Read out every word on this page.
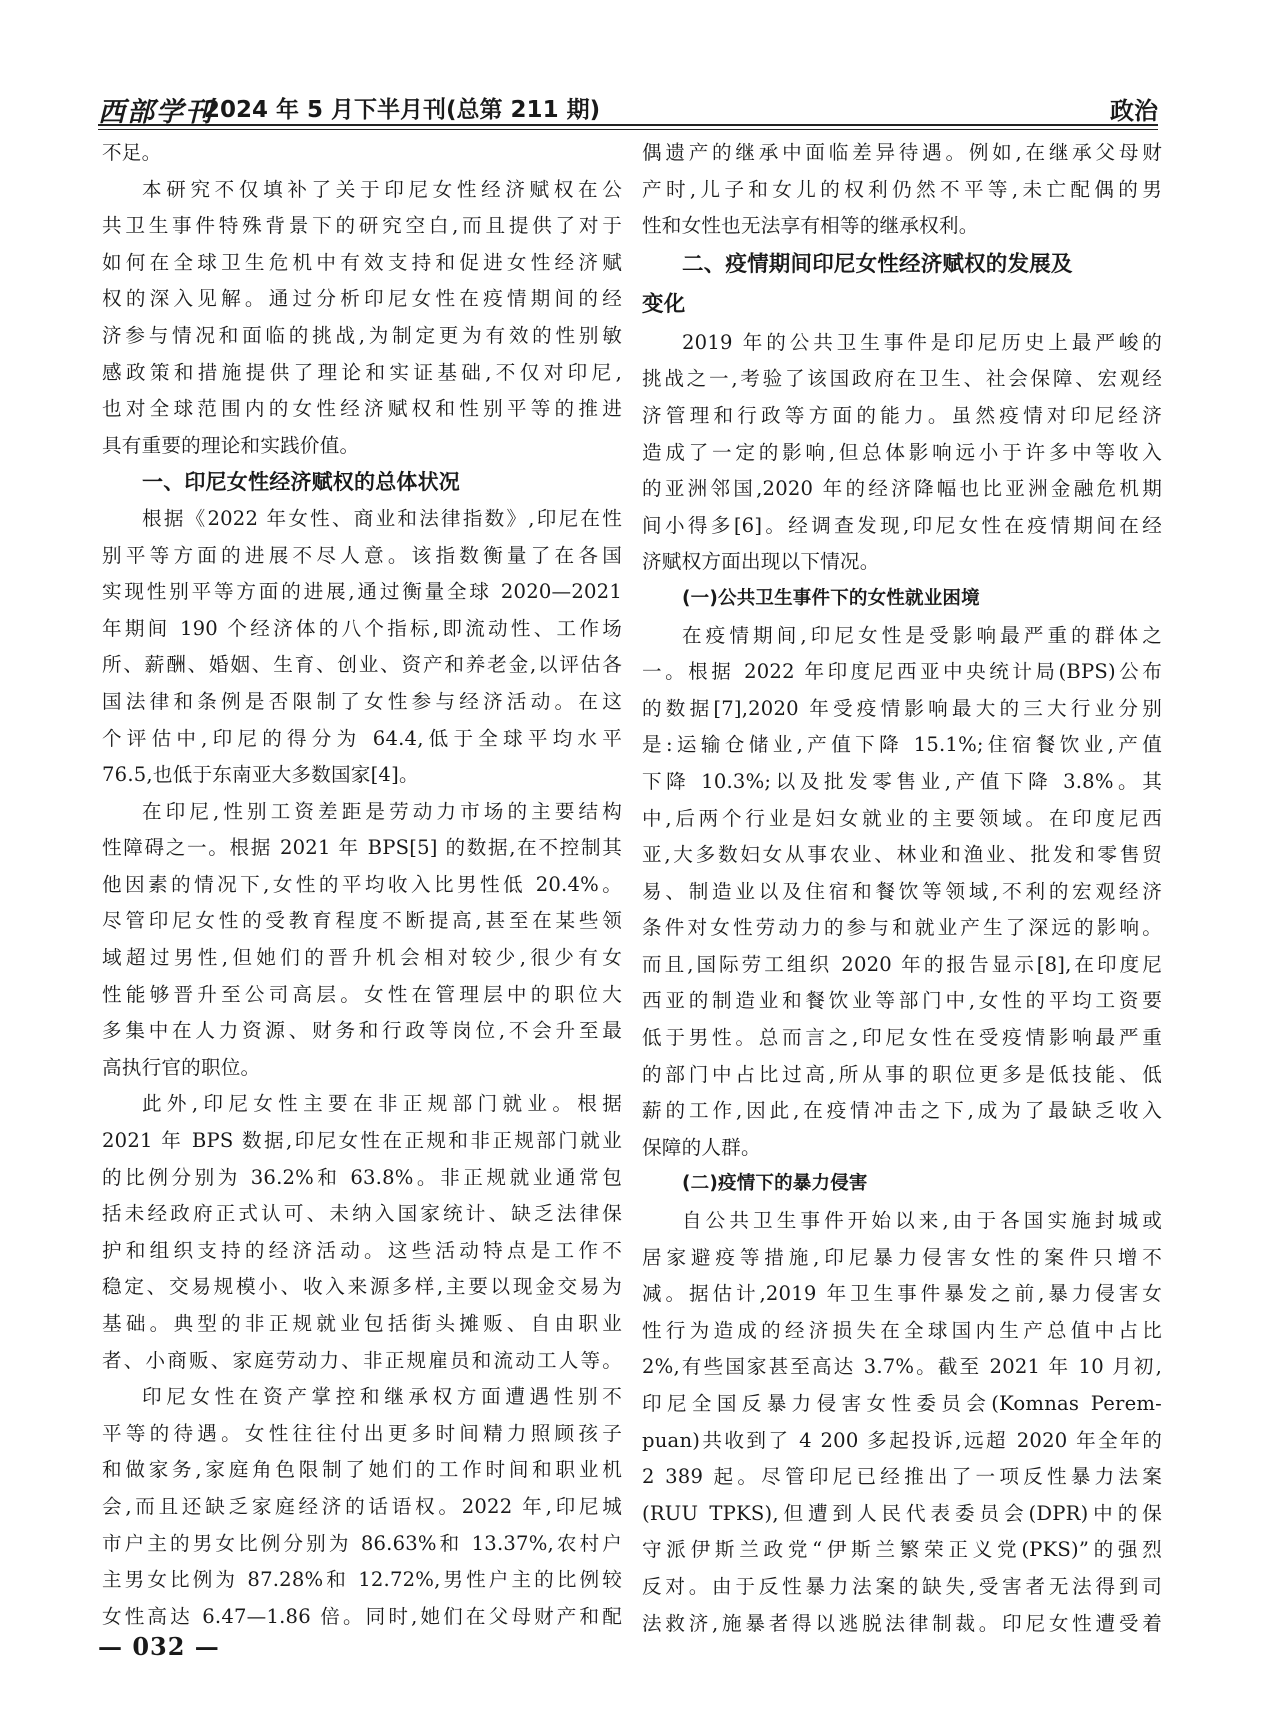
西部学刊
2024 年 5 月下半月刊(总第 211 期)	政治
不足。
本研究不仅填补了关于印尼女性经济赋权在公
共卫生事件特殊背景下的研究空白,而且提供了对于
如何在全球卫生危机中有效支持和促进女性经济赋
权的深入见解。通过分析印尼女性在疫情期间的经
济参与情况和面临的挑战,为制定更为有效的性别敏
感政策和措施提供了理论和实证基础,不仅对印尼,
也对全球范围内的女性经济赋权和性别平等的推进
具有重要的理论和实践价值。
一、印尼女性经济赋权的总体状况
根据《2022 年女性、商业和法律指数》,印尼在性
别平等方面的进展不尽人意。该指数衡量了在各国
实现性别平等方面的进展,通过衡量全球 2020—2021
年期间 190 个经济体的八个指标,即流动性、工作场
所、薪酬、婚姻、生育、创业、资产和养老金,以评估各
国法律和条例是否限制了女性参与经济活动。在这
个评估中,印尼的得分为 64.4,低于全球平均水平
76.5,也低于东南亚大多数国家[4]。
在印尼,性别工资差距是劳动力市场的主要结构
性障碍之一。根据 2021 年 BPS[5] 的数据,在不控制其
他因素的情况下,女性的平均收入比男性低 20.4%。
尽管印尼女性的受教育程度不断提高,甚至在某些领
域超过男性,但她们的晋升机会相对较少,很少有女
性能够晋升至公司高层。女性在管理层中的职位大
多集中在人力资源、财务和行政等岗位,不会升至最
高执行官的职位。
此外,印尼女性主要在非正规部门就业。根据
2021 年 BPS 数据,印尼女性在正规和非正规部门就业
的比例分别为 36.2%和 63.8%。非正规就业通常包
括未经政府正式认可、未纳入国家统计、缺乏法律保
护和组织支持的经济活动。这些活动特点是工作不
稳定、交易规模小、收入来源多样,主要以现金交易为
基础。典型的非正规就业包括街头摊贩、自由职业
者、小商贩、家庭劳动力、非正规雇员和流动工人等。
印尼女性在资产掌控和继承权方面遭遇性别不
平等的待遇。女性往往付出更多时间精力照顾孩子
和做家务,家庭角色限制了她们的工作时间和职业机
会,而且还缺乏家庭经济的话语权。2022 年,印尼城
市户主的男女比例分别为 86.63%和 13.37%,农村户
主男女比例为 87.28%和 12.72%,男性户主的比例较
女性高达 6.47—1.86 倍。同时,她们在父母财产和配
偶遗产的继承中面临差异待遇。例如,在继承父母财
产时,儿子和女儿的权利仍然不平等,未亡配偶的男
性和女性也无法享有相等的继承权利。
二、疫情期间印尼女性经济赋权的发展及
变化
2019 年的公共卫生事件是印尼历史上最严峻的
挑战之一,考验了该国政府在卫生、社会保障、宏观经
济管理和行政等方面的能力。虽然疫情对印尼经济
造成了一定的影响,但总体影响远小于许多中等收入
的亚洲邻国,2020 年的经济降幅也比亚洲金融危机期
间小得多[6]。经调查发现,印尼女性在疫情期间在经
济赋权方面出现以下情况。
(一)公共卫生事件下的女性就业困境
在疫情期间,印尼女性是受影响最严重的群体之
一。根据 2022 年印度尼西亚中央统计局(BPS)公布
的数据[7],2020 年受疫情影响最大的三大行业分别
是:运输仓储业,产值下降 15.1%;住宿餐饮业,产值
下降 10.3%;以及批发零售业,产值下降 3.8%。其
中,后两个行业是妇女就业的主要领域。在印度尼西
亚,大多数妇女从事农业、林业和渔业、批发和零售贸
易、制造业以及住宿和餐饮等领域,不利的宏观经济
条件对女性劳动力的参与和就业产生了深远的影响。
而且,国际劳工组织 2020 年的报告显示[8],在印度尼
西亚的制造业和餐饮业等部门中,女性的平均工资要
低于男性。总而言之,印尼女性在受疫情影响最严重
的部门中占比过高,所从事的职位更多是低技能、低
薪的工作,因此,在疫情冲击之下,成为了最缺乏收入
保障的人群。
(二)疫情下的暴力侵害
自公共卫生事件开始以来,由于各国实施封城或
居家避疫等措施,印尼暴力侵害女性的案件只增不
减。据估计,2019 年卫生事件暴发之前,暴力侵害女
性行为造成的经济损失在全球国内生产总值中占比
2%,有些国家甚至高达 3.7%。截至 2021 年 10 月初,
印尼全国反暴力侵害女性委员会(Komnas Perem-
puan)共收到了 4 200 多起投诉,远超 2020 年全年的
2 389 起。尽管印尼已经推出了一项反性暴力法案
(RUU TPKS),但遭到人民代表委员会(DPR)中的保
守派伊斯兰政党“伊斯兰繁荣正义党(PKS)”的强烈
反对。由于反性暴力法案的缺失,受害者无法得到司
法救济,施暴者得以逃脱法律制裁。印尼女性遭受着
— 032 —
